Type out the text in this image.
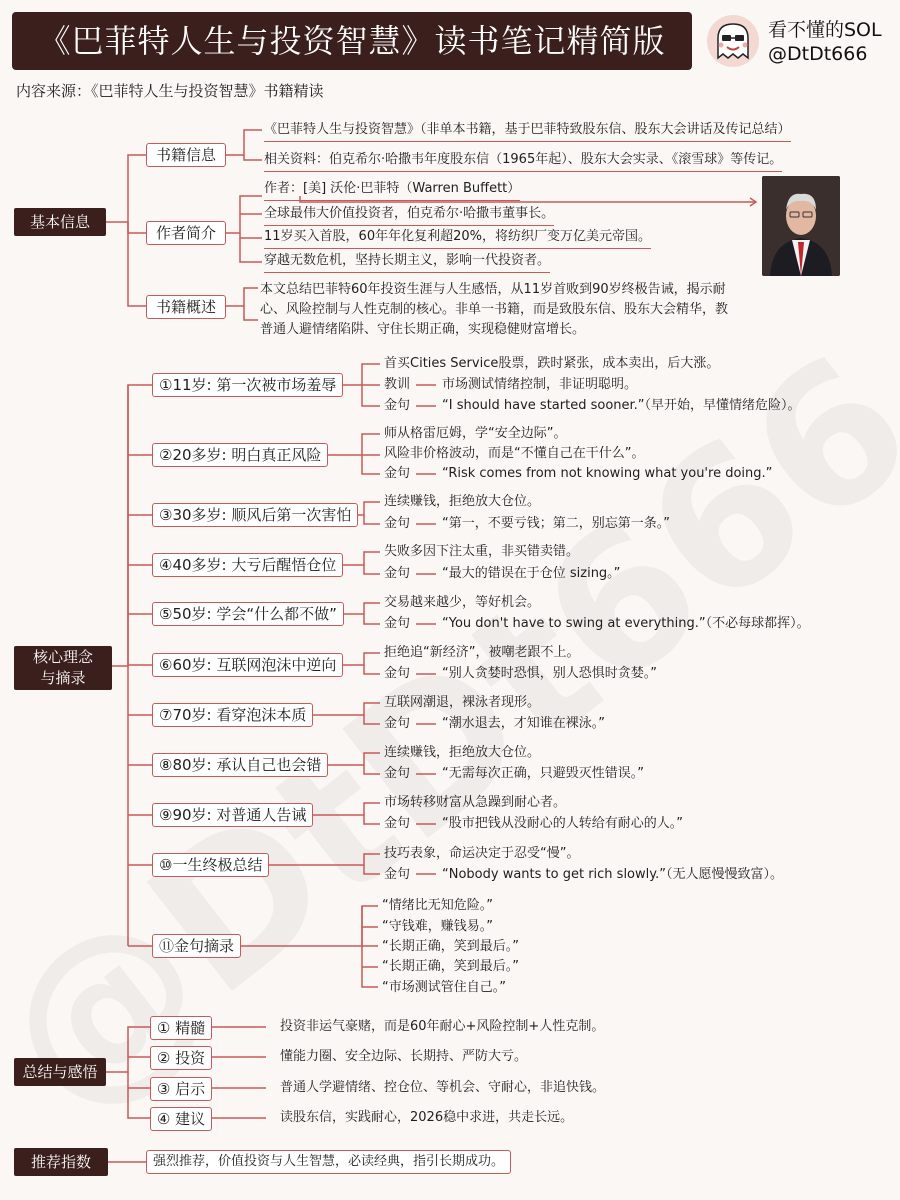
《巴菲特人生与投资智慧》读书笔记精简版	看不懂的SOL
@DtDt666
内容来源：《巴菲特人生与投资智慧》书籍精读
基本信息
书籍信息
《巴菲特人生与投资智慧》（非单本书籍，基于巴菲特致股东信、股东大会讲话及传记总结）
相关资料：伯克希尔·哈撒韦年度股东信（1965年起）、股东大会实录、《滚雪球》等传记。
作者简介
作者：[美] 沃伦·巴菲特（Warren Buffett）
全球最伟大价值投资者，伯克希尔·哈撒韦董事长。
11岁买入首股，60年年化复利超20%，将纺织厂变万亿美元帝国。
穿越无数危机，坚持长期主义，影响一代投资者。
书籍概述
本文总结巴菲特60年投资生涯与人生感悟，从11岁首败到90岁终极告诫，揭示耐
心、风险控制与人性克制的核心。非单一书籍，而是致股东信、股东大会精华，教
普通人避情绪陷阱、守住长期正确，实现稳健财富增长。
核心理念
与摘录
①11岁: 第一次被市场羞辱
②20多岁: 明白真正风险
③30多岁: 顺风后第一次害怕
④40多岁: 大亏后醒悟仓位
⑤50岁: 学会“什么都不做”
⑥60岁: 互联网泡沫中逆向
⑦70岁: 看穿泡沫本质
⑧80岁: 承认自己也会错
⑨90岁: 对普通人告诫
⑩一生终极总结
⑪金句摘录
首买Cities Service股票，跌时紧张，成本卖出，后大涨。
教训 市场测试情绪控制，非证明聪明。
金句 “I should have started sooner.”（早开始，早懂情绪危险）。
师从格雷厄姆，学“安全边际”。
风险非价格波动，而是“不懂自己在干什么”。
金句 “Risk comes from not knowing what you're doing.”
连续赚钱，拒绝放大仓位。
金句 “第一，不要亏钱；第二，别忘第一条。”
失败多因下注太重，非买错卖错。
金句 “最大的错误在于仓位 sizing。”
交易越来越少，等好机会。
金句 “You don't have to swing at everything.”（不必每球都挥）。
拒绝追“新经济”，被嘲老跟不上。
金句 “别人贪婪时恐惧，别人恐惧时贪婪。”
互联网潮退，裸泳者现形。
金句 “潮水退去，才知谁在裸泳。”
连续赚钱，拒绝放大仓位。
金句 “无需每次正确，只避毁灭性错误。”
市场转移财富从急躁到耐心者。
金句 “股市把钱从没耐心的人转给有耐心的人。”
技巧表象，命运决定于忍受“慢”。
金句 “Nobody wants to get rich slowly.”（无人愿慢慢致富）。
“情绪比无知危险。”
“守钱难，赚钱易。”
“长期正确，笑到最后。”
“长期正确，笑到最后。”
“市场测试管住自己。”
总结与感悟
① 精髓
② 投资
③ 启示
④ 建议
投资非运气豪赌，而是60年耐心+风险控制+人性克制。
懂能力圈、安全边际、长期持、严防大亏。
普通人学避情绪、控仓位、等机会、守耐心，非追快钱。
读股东信，实践耐心，2026稳中求进，共走长远。
推荐指数	强烈推荐，价值投资与人生智慧，必读经典，指引长期成功。
